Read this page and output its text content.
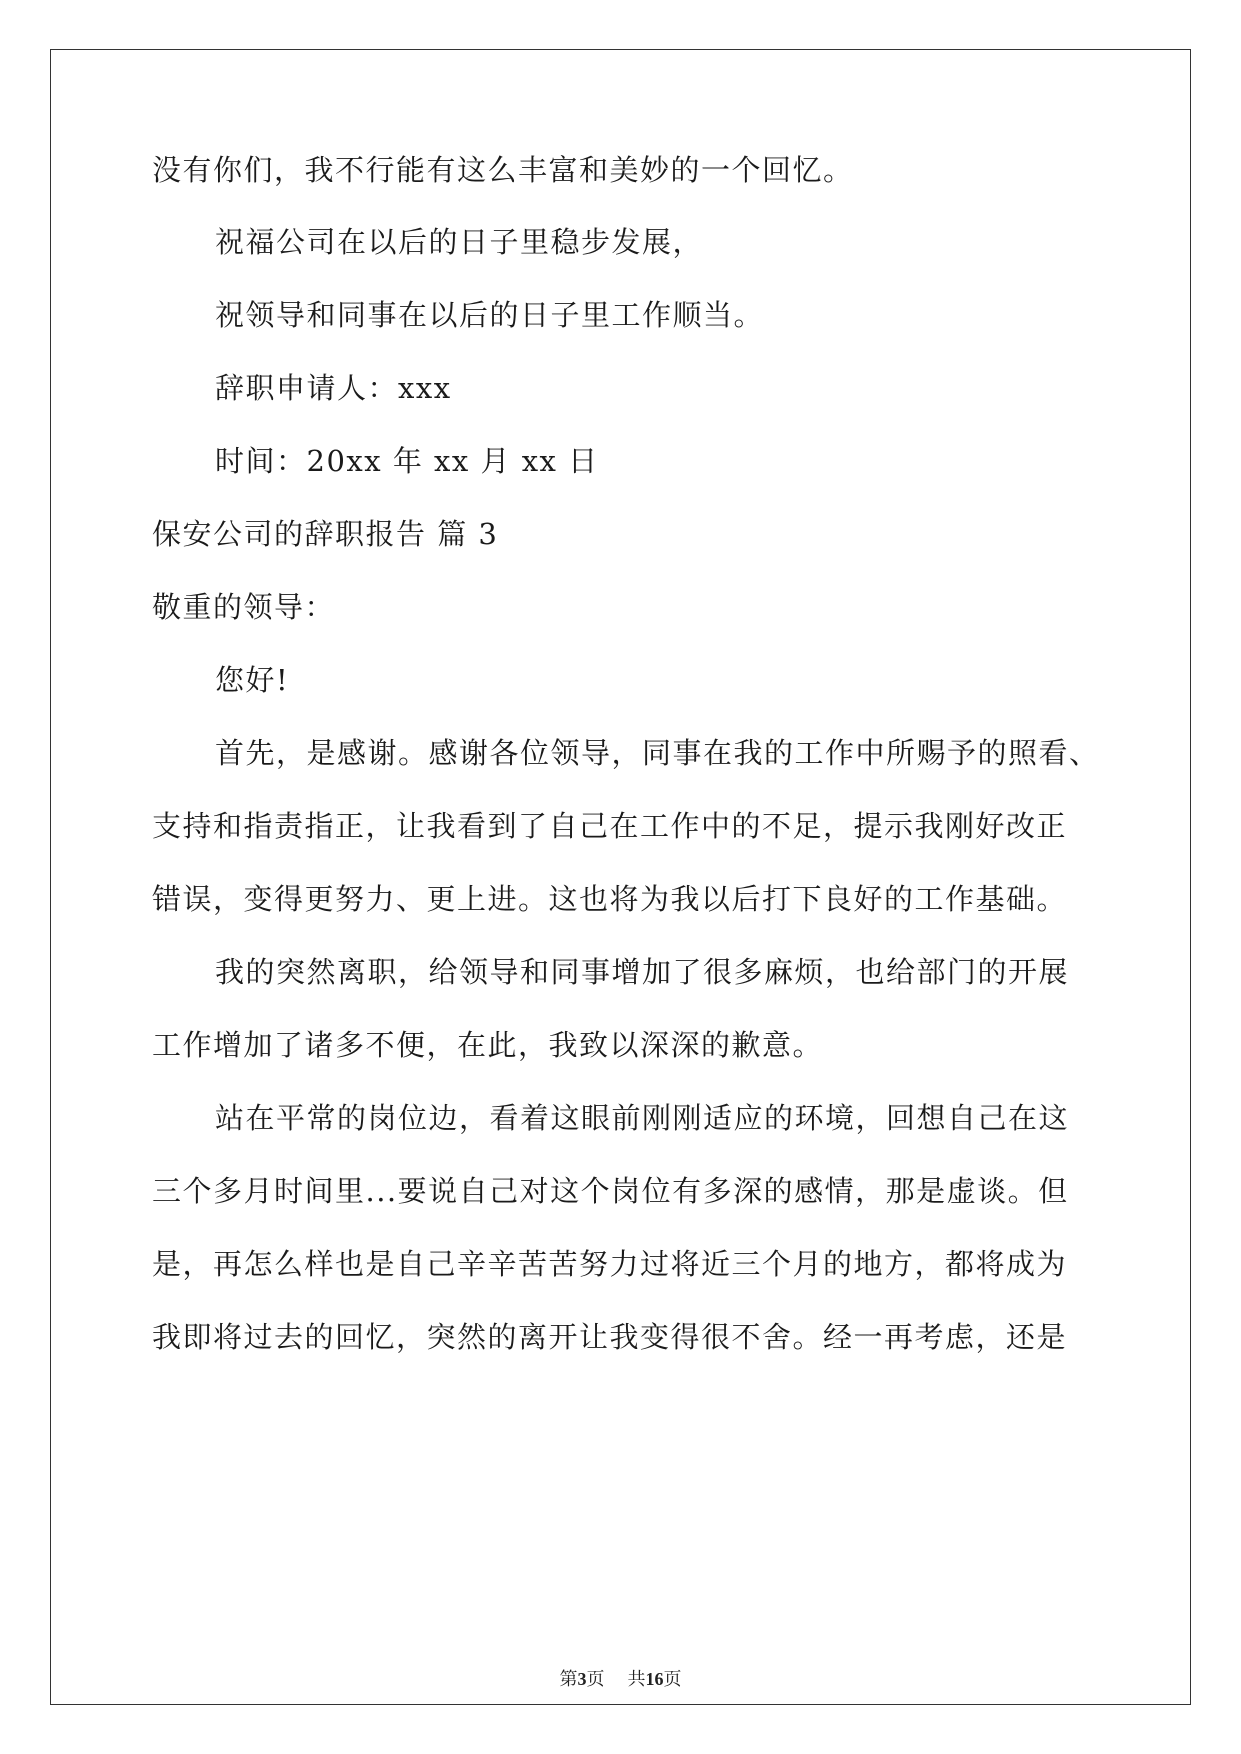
没有你们，我不行能有这么丰富和美妙的一个回忆。
祝福公司在以后的日子里稳步发展，
祝领导和同事在以后的日子里工作顺当。
辞职申请人：xxx
时间：20xx 年 xx 月 xx 日
保安公司的辞职报告 篇 3
敬重的领导：
您好!
首先，是感谢。感谢各位领导，同事在我的工作中所赐予的照看、
支持和指责指正，让我看到了自己在工作中的不足，提示我刚好改正
错误，变得更努力、更上进。这也将为我以后打下良好的工作基础。
我的突然离职，给领导和同事增加了很多麻烦，也给部门的开展
工作增加了诸多不便，在此，我致以深深的歉意。
站在平常的岗位边，看着这眼前刚刚适应的环境，回想自己在这
三个多月时间里...要说自己对这个岗位有多深的感情，那是虚谈。但
是，再怎么样也是自己辛辛苦苦努力过将近三个月的地方，都将成为
我即将过去的回忆，突然的离开让我变得很不舍。经一再考虑，还是
第3页 共16页
